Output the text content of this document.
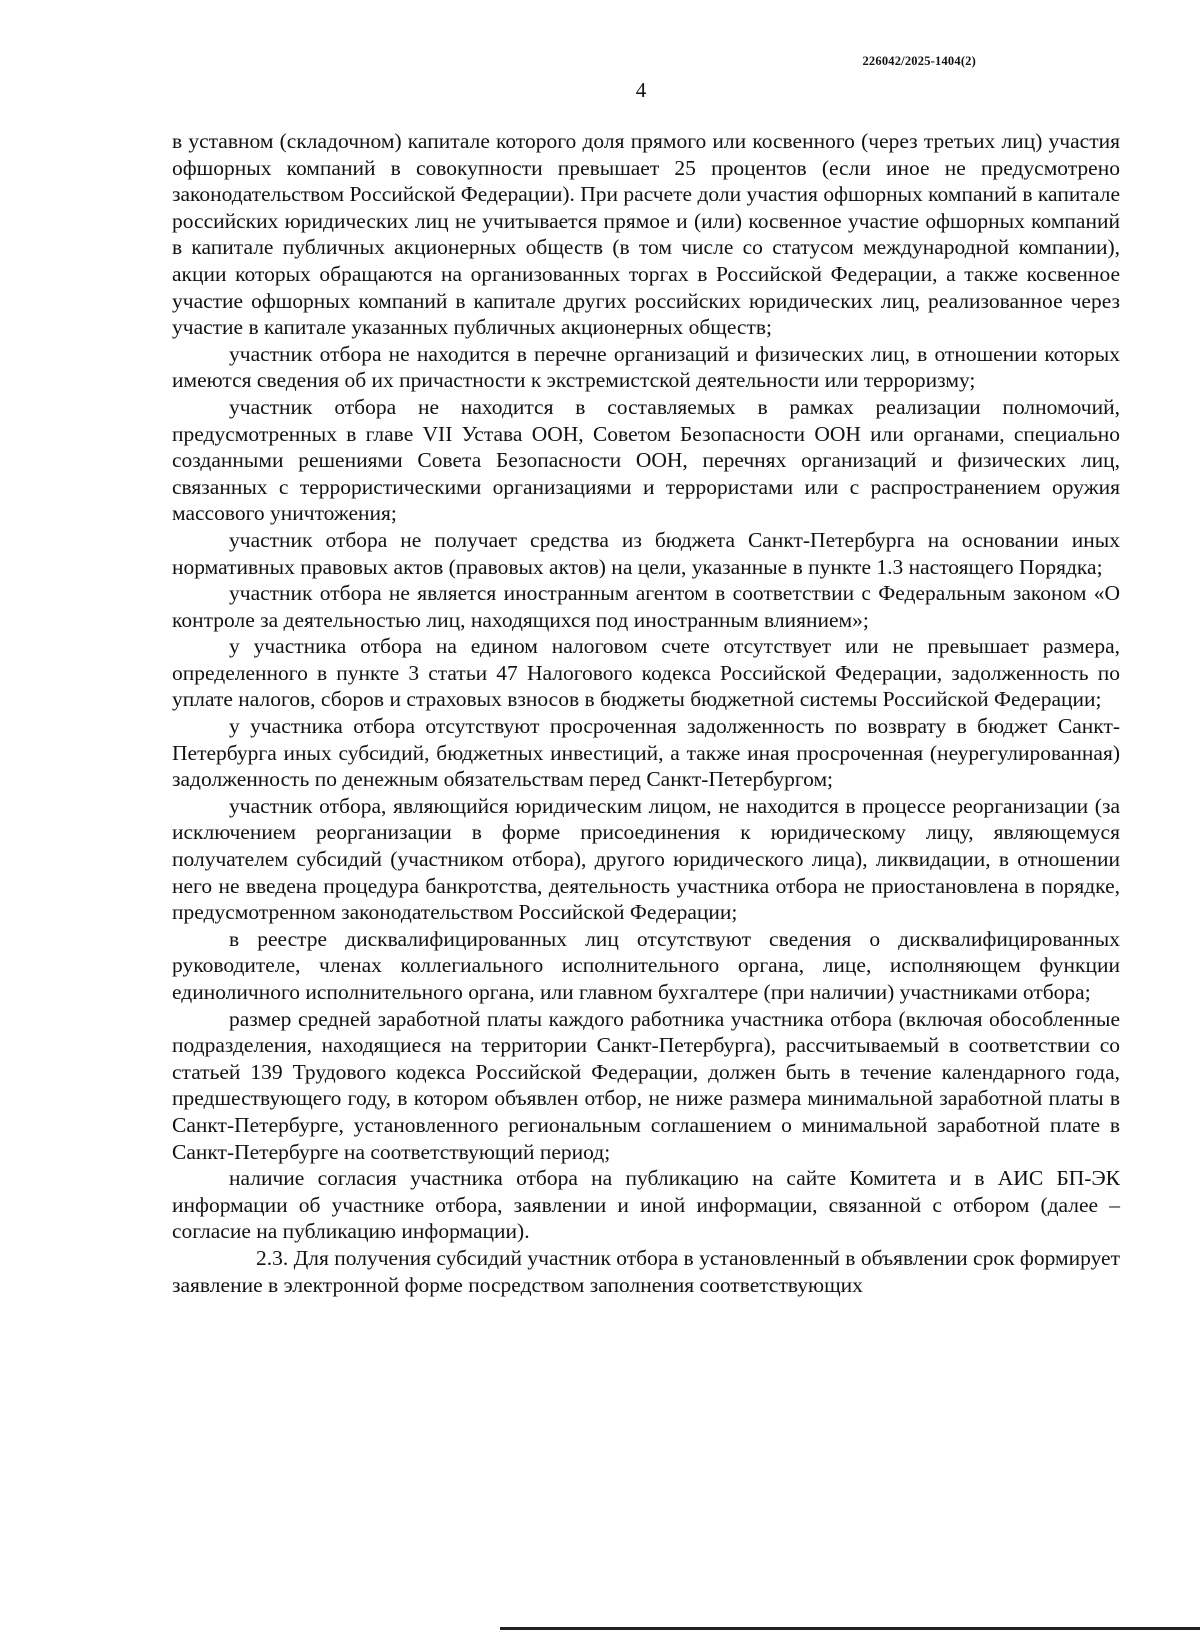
226042/2025-1404(2)
4

в уставном (складочном) капитале которого доля прямого или косвенного (через третьих лиц) участия офшорных компаний в совокупности превышает 25 процентов (если иное не предусмотрено законодательством Российской Федерации). При расчете доли участия офшорных компаний в капитале российских юридических лиц не учитывается прямое и (или) косвенное участие офшорных компаний в капитале публичных акционерных обществ (в том числе со статусом международной компании), акции которых обращаются на организованных торгах в Российской Федерации, а также косвенное участие офшорных компаний в капитале других российских юридических лиц, реализованное через участие в капитале указанных публичных акционерных обществ;

участник отбора не находится в перечне организаций и физических лиц, в отношении которых имеются сведения об их причастности к экстремистской деятельности или терроризму;

участник отбора не находится в составляемых в рамках реализации полномочий, предусмотренных в главе VII Устава ООН, Советом Безопасности ООН или органами, специально созданными решениями Совета Безопасности ООН, перечнях организаций и физических лиц, связанных с террористическими организациями и террористами или с распространением оружия массового уничтожения;

участник отбора не получает средства из бюджета Санкт-Петербурга на основании иных нормативных правовых актов (правовых актов) на цели, указанные в пункте 1.3 настоящего Порядка;

участник отбора не является иностранным агентом в соответствии с Федеральным законом «О контроле за деятельностью лиц, находящихся под иностранным влиянием»;

у участника отбора на едином налоговом счете отсутствует или не превышает размера, определенного в пункте 3 статьи 47 Налогового кодекса Российской Федерации, задолженность по уплате налогов, сборов и страховых взносов в бюджеты бюджетной системы Российской Федерации;

у участника отбора отсутствуют просроченная задолженность по возврату в бюджет Санкт-Петербурга иных субсидий, бюджетных инвестиций, а также иная просроченная (неурегулированная) задолженность по денежным обязательствам перед Санкт-Петербургом;

участник отбора, являющийся юридическим лицом, не находится в процессе реорганизации (за исключением реорганизации в форме присоединения к юридическому лицу, являющемуся получателем субсидий (участником отбора), другого юридического лица), ликвидации, в отношении него не введена процедура банкротства, деятельность участника отбора не приостановлена в порядке, предусмотренном законодательством Российской Федерации;

в реестре дисквалифицированных лиц отсутствуют сведения о дисквалифицированных руководителе, членах коллегиального исполнительного органа, лице, исполняющем функции единоличного исполнительного органа, или главном бухгалтере (при наличии) участниками отбора;

размер средней заработной платы каждого работника участника отбора (включая обособленные подразделения, находящиеся на территории Санкт-Петербурга), рассчитываемый в соответствии со статьей 139 Трудового кодекса Российской Федерации, должен быть в течение календарного года, предшествующего году, в котором объявлен отбор, не ниже размера минимальной заработной платы в Санкт-Петербурге, установленного региональным соглашением о минимальной заработной плате в Санкт-Петербурге на соответствующий период;

наличие согласия участника отбора на публикацию на сайте Комитета и в АИС БП-ЭК информации об участнике отбора, заявлении и иной информации, связанной с отбором (далее – согласие на публикацию информации).

2.3. Для получения субсидий участник отбора в установленный в объявлении срок формирует заявление в электронной форме посредством заполнения соответствующих
